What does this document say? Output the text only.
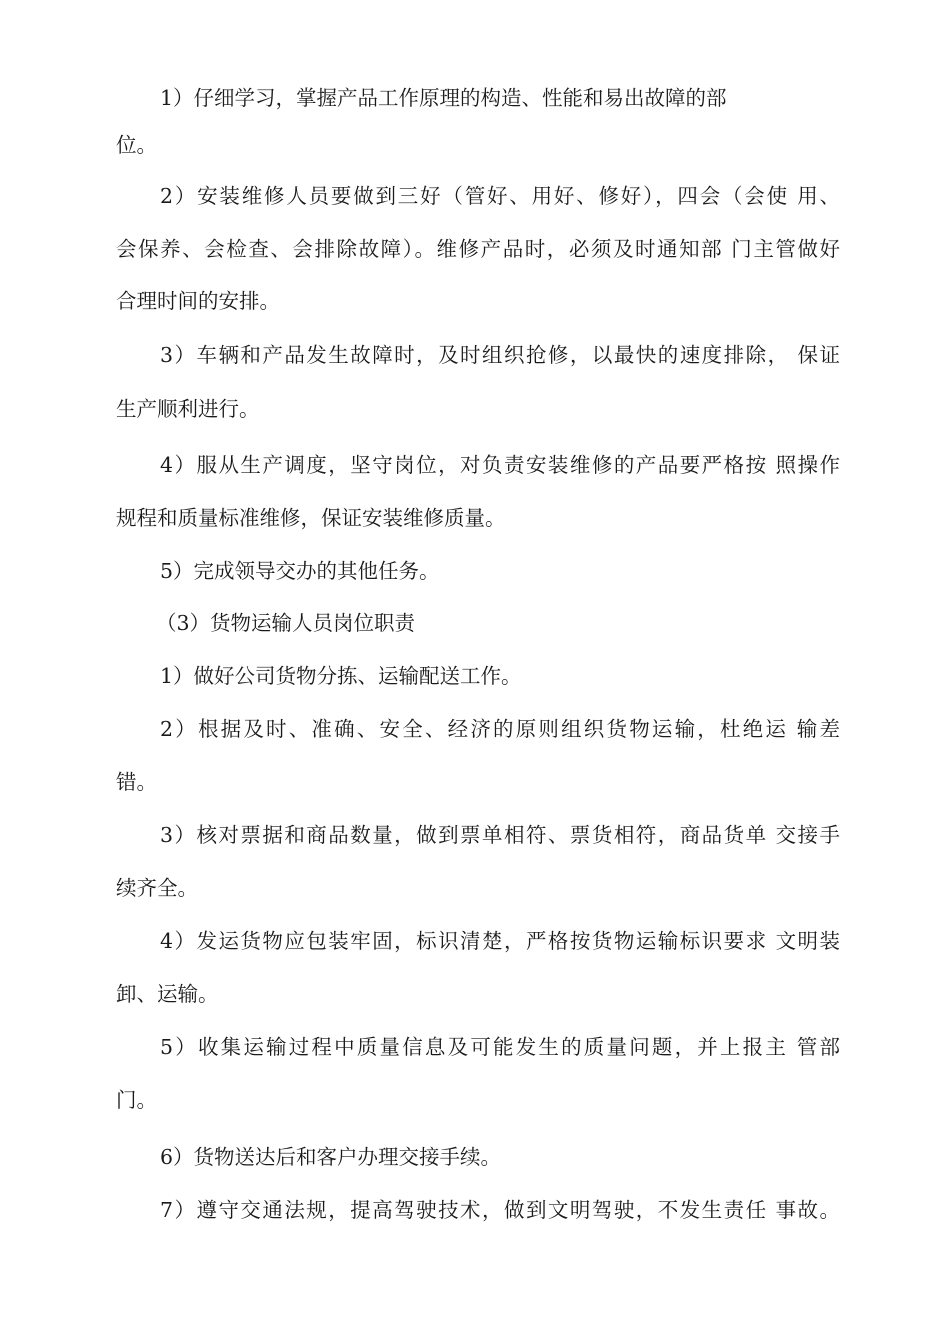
1）仔细学习，掌握产品工作原理的构造、性能和易出故障的部
位。
2）安装维修人员要做到三好（管好、用好、修好），四会（会使 用、
会保养、会检查、会排除故障）。维修产品时，必须及时通知部 门主管做好
合理时间的安排。
3）车辆和产品发生故障时，及时组织抢修，以最快的速度排除， 保证
生产顺利进行。
4）服从生产调度，坚守岗位，对负责安装维修的产品要严格按 照操作
规程和质量标准维修，保证安装维修质量。
5）完成领导交办的其他任务。
（3）货物运输人员岗位职责
1）做好公司货物分拣、运输配送工作。
2）根据及时、准确、安全、经济的原则组织货物运输，杜绝运 输差
错。
3）核对票据和商品数量，做到票单相符、票货相符，商品货单 交接手
续齐全。
4）发运货物应包装牢固，标识清楚，严格按货物运输标识要求 文明装
卸、运输。
5）收集运输过程中质量信息及可能发生的质量问题，并上报主 管部
门。
6）货物送达后和客户办理交接手续。
7）遵守交通法规，提高驾驶技术，做到文明驾驶，不发生责任 事故。
